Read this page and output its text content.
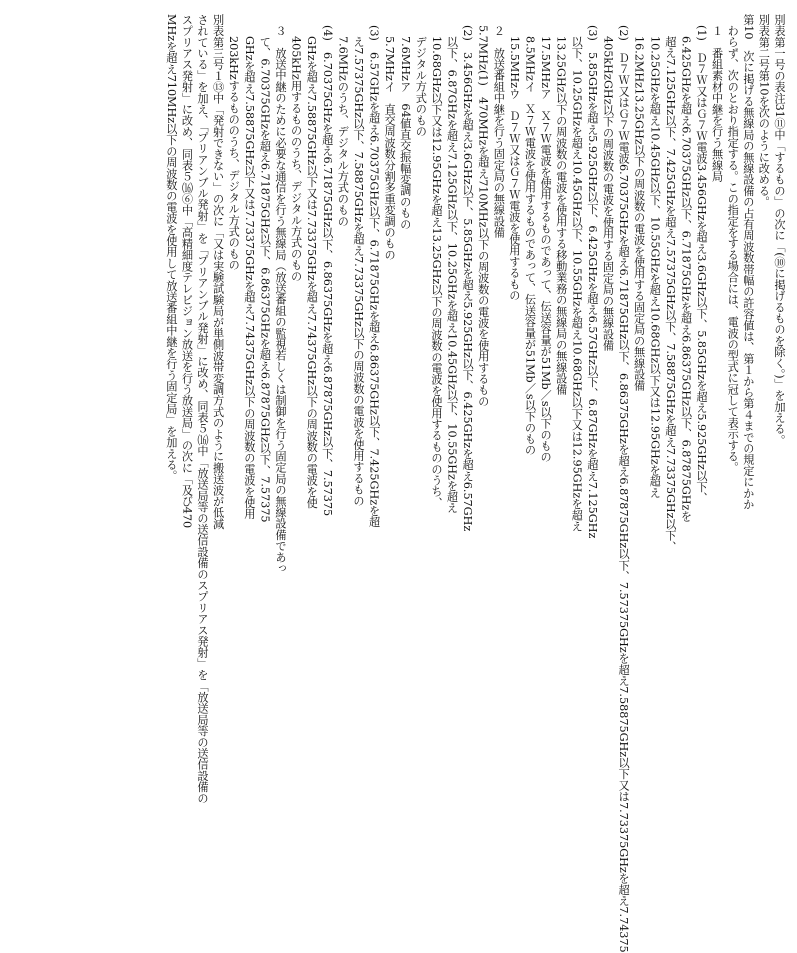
別表第一号の表注31⑪中「するもの」の次に「(⑩に掲げるものを除く。)」を加える。
別表第二号第10を次のように改める。
第10　次に掲げる無線局の無線設備の占有周波数帯幅の許容値は、第１から第４までの規定にかか
わらず、次のとおり指定する。この指定をする場合には、電波の型式に冠して表示する。
１　番組素材中継を行う無線局
(1)　Ｄ７Ｗ又はＧ７Ｗ電波3.456GHzを超え3.6GHz以下、5.85GHzを超え5.925GHz以下、
6.425GHzを超え6.70375GHz以下、6.71875GHzを超え6.86375GHz以下、6.87875GHzを
超え7.125GHz以下、7.425GHzを超え7.57375GHz以下、7.58875GHzを超え7.73375GHz以下、
10.25GHzを超え10.45GHz以下、10.55GHzを超え10.68GHz以下又は12.95GHzを超え
13.25GHz以下の周波数の電波を使用する固定局の無線設備
16.2MHz
(2)　Ｄ７Ｗ又はＧ７Ｗ電波6.70375GHzを超え6.71875GHz以下、6.86375GHzを超え6.87875GHz以下、7.57375GHzを超え7.58875GHz以下又は7.73375GHzを超え7.74375
GHz以下の周波数の電波を使用する固定局の無線設備
405kHz
(3)　5.85GHzを超え5.925GHz以下、6.425GHzを超え6.57GHz以下、6.87GHzを超え7.125GHz
以下、10.25GHzを超え10.45GHz以下、10.55GHzを超え10.68GHz以下又は12.95GHzを超え
13.25GHz以下の周波数の電波を使用する移動業務の無線局の無線設備
ア　Ｘ７Ｗ電波を使用するものであって、伝送容量が51Mb／s以下のもの
17.5MHz
イ　Ｘ７Ｗ電波を使用するものであって、伝送容量が51Mb／s以下のもの
8.5MHz
ウ　Ｄ７Ｗ又はＧ７Ｗ電波を使用するもの
15.5MHz
２　放送番組中継を行う固定局の無線設備
(1)　470MHzを超え710MHz以下の周波数の電波を使用するもの
5.7MHz
(2)　3.456GHzを超え3.6GHz以下、5.85GHzを超え5.925GHz以下、6.425GHzを超え6.57GHz
以下、6.87GHzを超え7.125GHz以下、10.25GHzを超え10.45GHz以下、10.55GHzを超え
10.68GHz以下又は12.95GHzを超え13.25GHz以下の周波数の電波を使用するもののうち、
デジタル方式のもの
ア　64値直交振幅変調のもの
7.6MHz
イ　直交周波数分割多重変調のもの
5.7MHz
(3)　6.57GHzを超え6.70375GHz以下、6.71875GHzを超え6.86375GHz以下、7.425GHzを超
え7.57375GHz以下、7.58875GHzを超え7.73375GHz以下の周波数の電波を使用するもの
のうち、デジタル方式のもの
7.6MHz
(4)　6.70375GHzを超え6.71875GHz以下、6.86375GHzを超え6.87875GHz以下、7.57375
GHzを超え7.58875GHz以下又は7.73375GHzを超え7.74375GHz以下の周波数の電波を使
用するもののうち、デジタル方式のもの
405kHz
３　放送中継のために必要な通信を行う無線局（放送番組の監視若しくは制御を行う固定局の無線設備であっ
て、6.70375GHzを超え6.71875GHz以下、6.86375GHzを超え6.87875GHz以下、7.57375
GHzを超え7.58875GHz以下又は7.73375GHzを超え7.74375GHz以下の周波数の電波を使用
するもののうち、デジタル方式のもの
203kHz
別表第三号１⑬中「発射できない」の次に「又は実験試験局が単側波帯変調方式のように搬送波が低減
されている」を加え、「プリアンブル発射」を「プリアンブル発射」に改め、同表５⒃中「放送局等の送信設備のスプリアス発射」を「放送局等の送信設備の
スプリアス発射」に改め、同表５⒃⑥中「高精細度テレビジョン放送を行う放送局」の次に「及び470
MHzを超え710MHz以下の周波数の電波を使用して放送番組中継を行う固定局」を加える。
